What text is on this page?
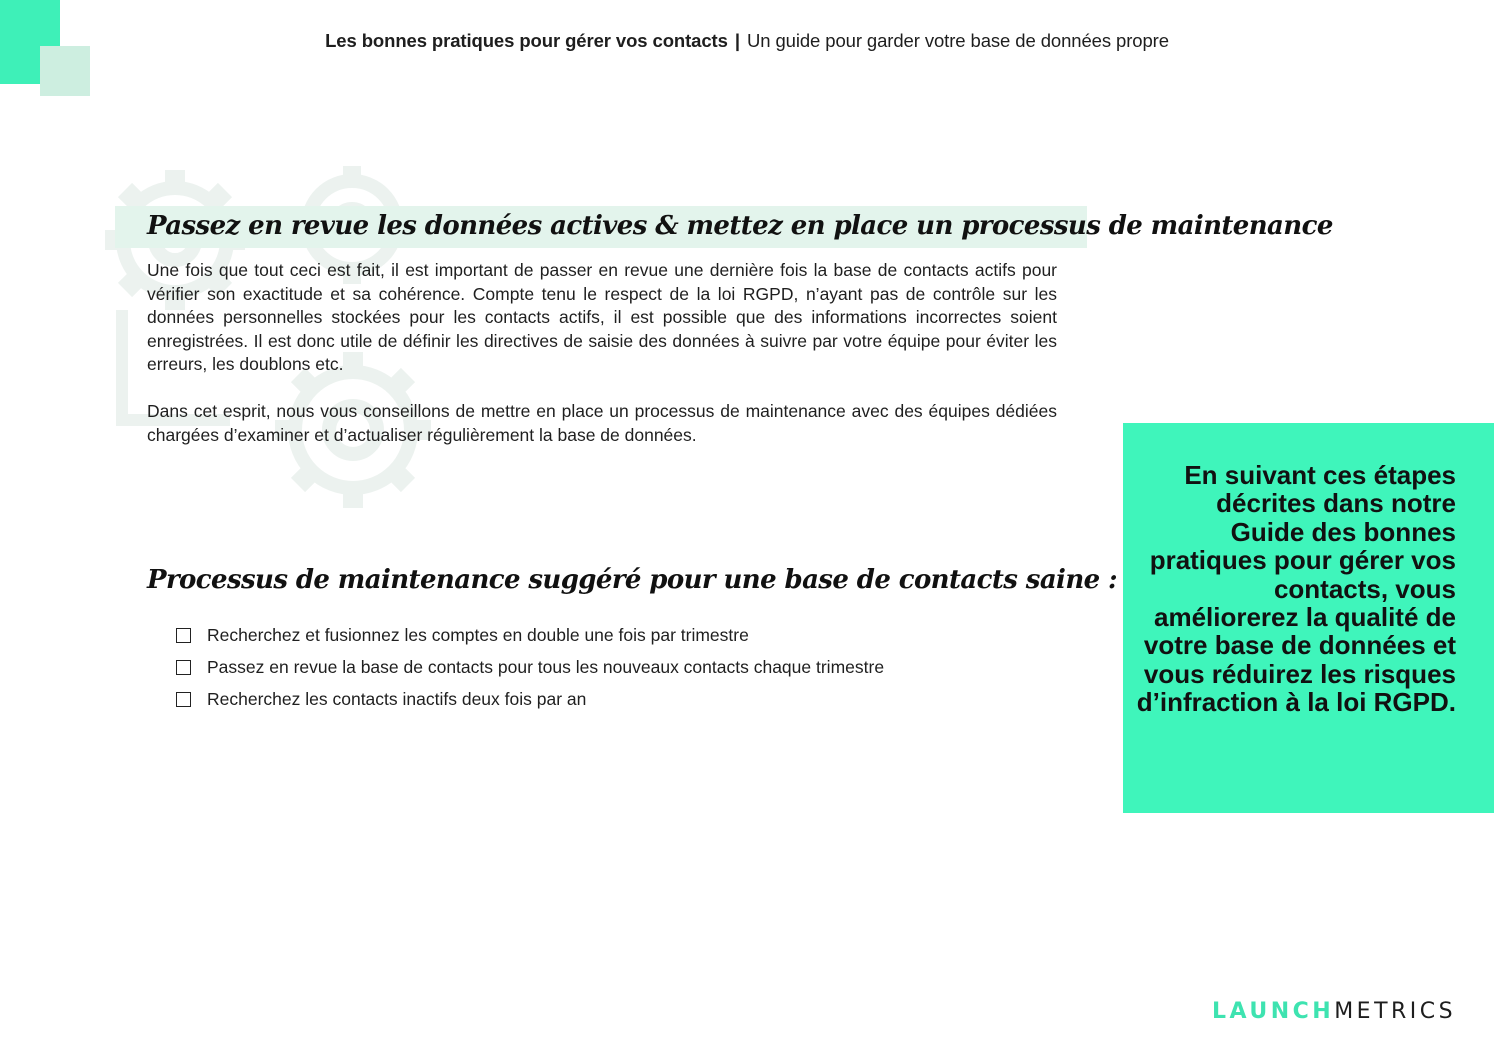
Les bonnes pratiques pour gérer vos contacts | Un guide pour garder votre base de données propre
Passez en revue les données actives & mettez en place un processus de maintenance

Une fois que tout ceci est fait, il est important de passer en revue une dernière fois la base de contacts actifs pour vérifier son exactitude et sa cohérence. Compte tenu le respect de la loi RGPD, n’ayant pas de contrôle sur les données personnelles stockées pour les contacts actifs, il est possible que des informations incorrectes soient enregistrées. Il est donc utile de définir les directives de saisie des données à suivre par votre équipe pour éviter les erreurs, les doublons etc.

Dans cet esprit, nous vous conseillons de mettre en place un processus de maintenance avec des équipes dédiées chargées d’examiner et d’actualiser régulièrement la base de données.

Processus de maintenance suggéré pour une base de contacts saine :
Recherchez et fusionnez les comptes en double une fois par trimestre
Passez en revue la base de contacts pour tous les nouveaux contacts chaque trimestre
Recherchez les contacts inactifs deux fois par an

En suivant ces étapes décrites dans notre Guide des bonnes pratiques pour gérer vos contacts, vous améliorerez la qualité de votre base de données et vous réduirez les risques d’infraction à la loi RGPD.

LAUNCHMETRICS
